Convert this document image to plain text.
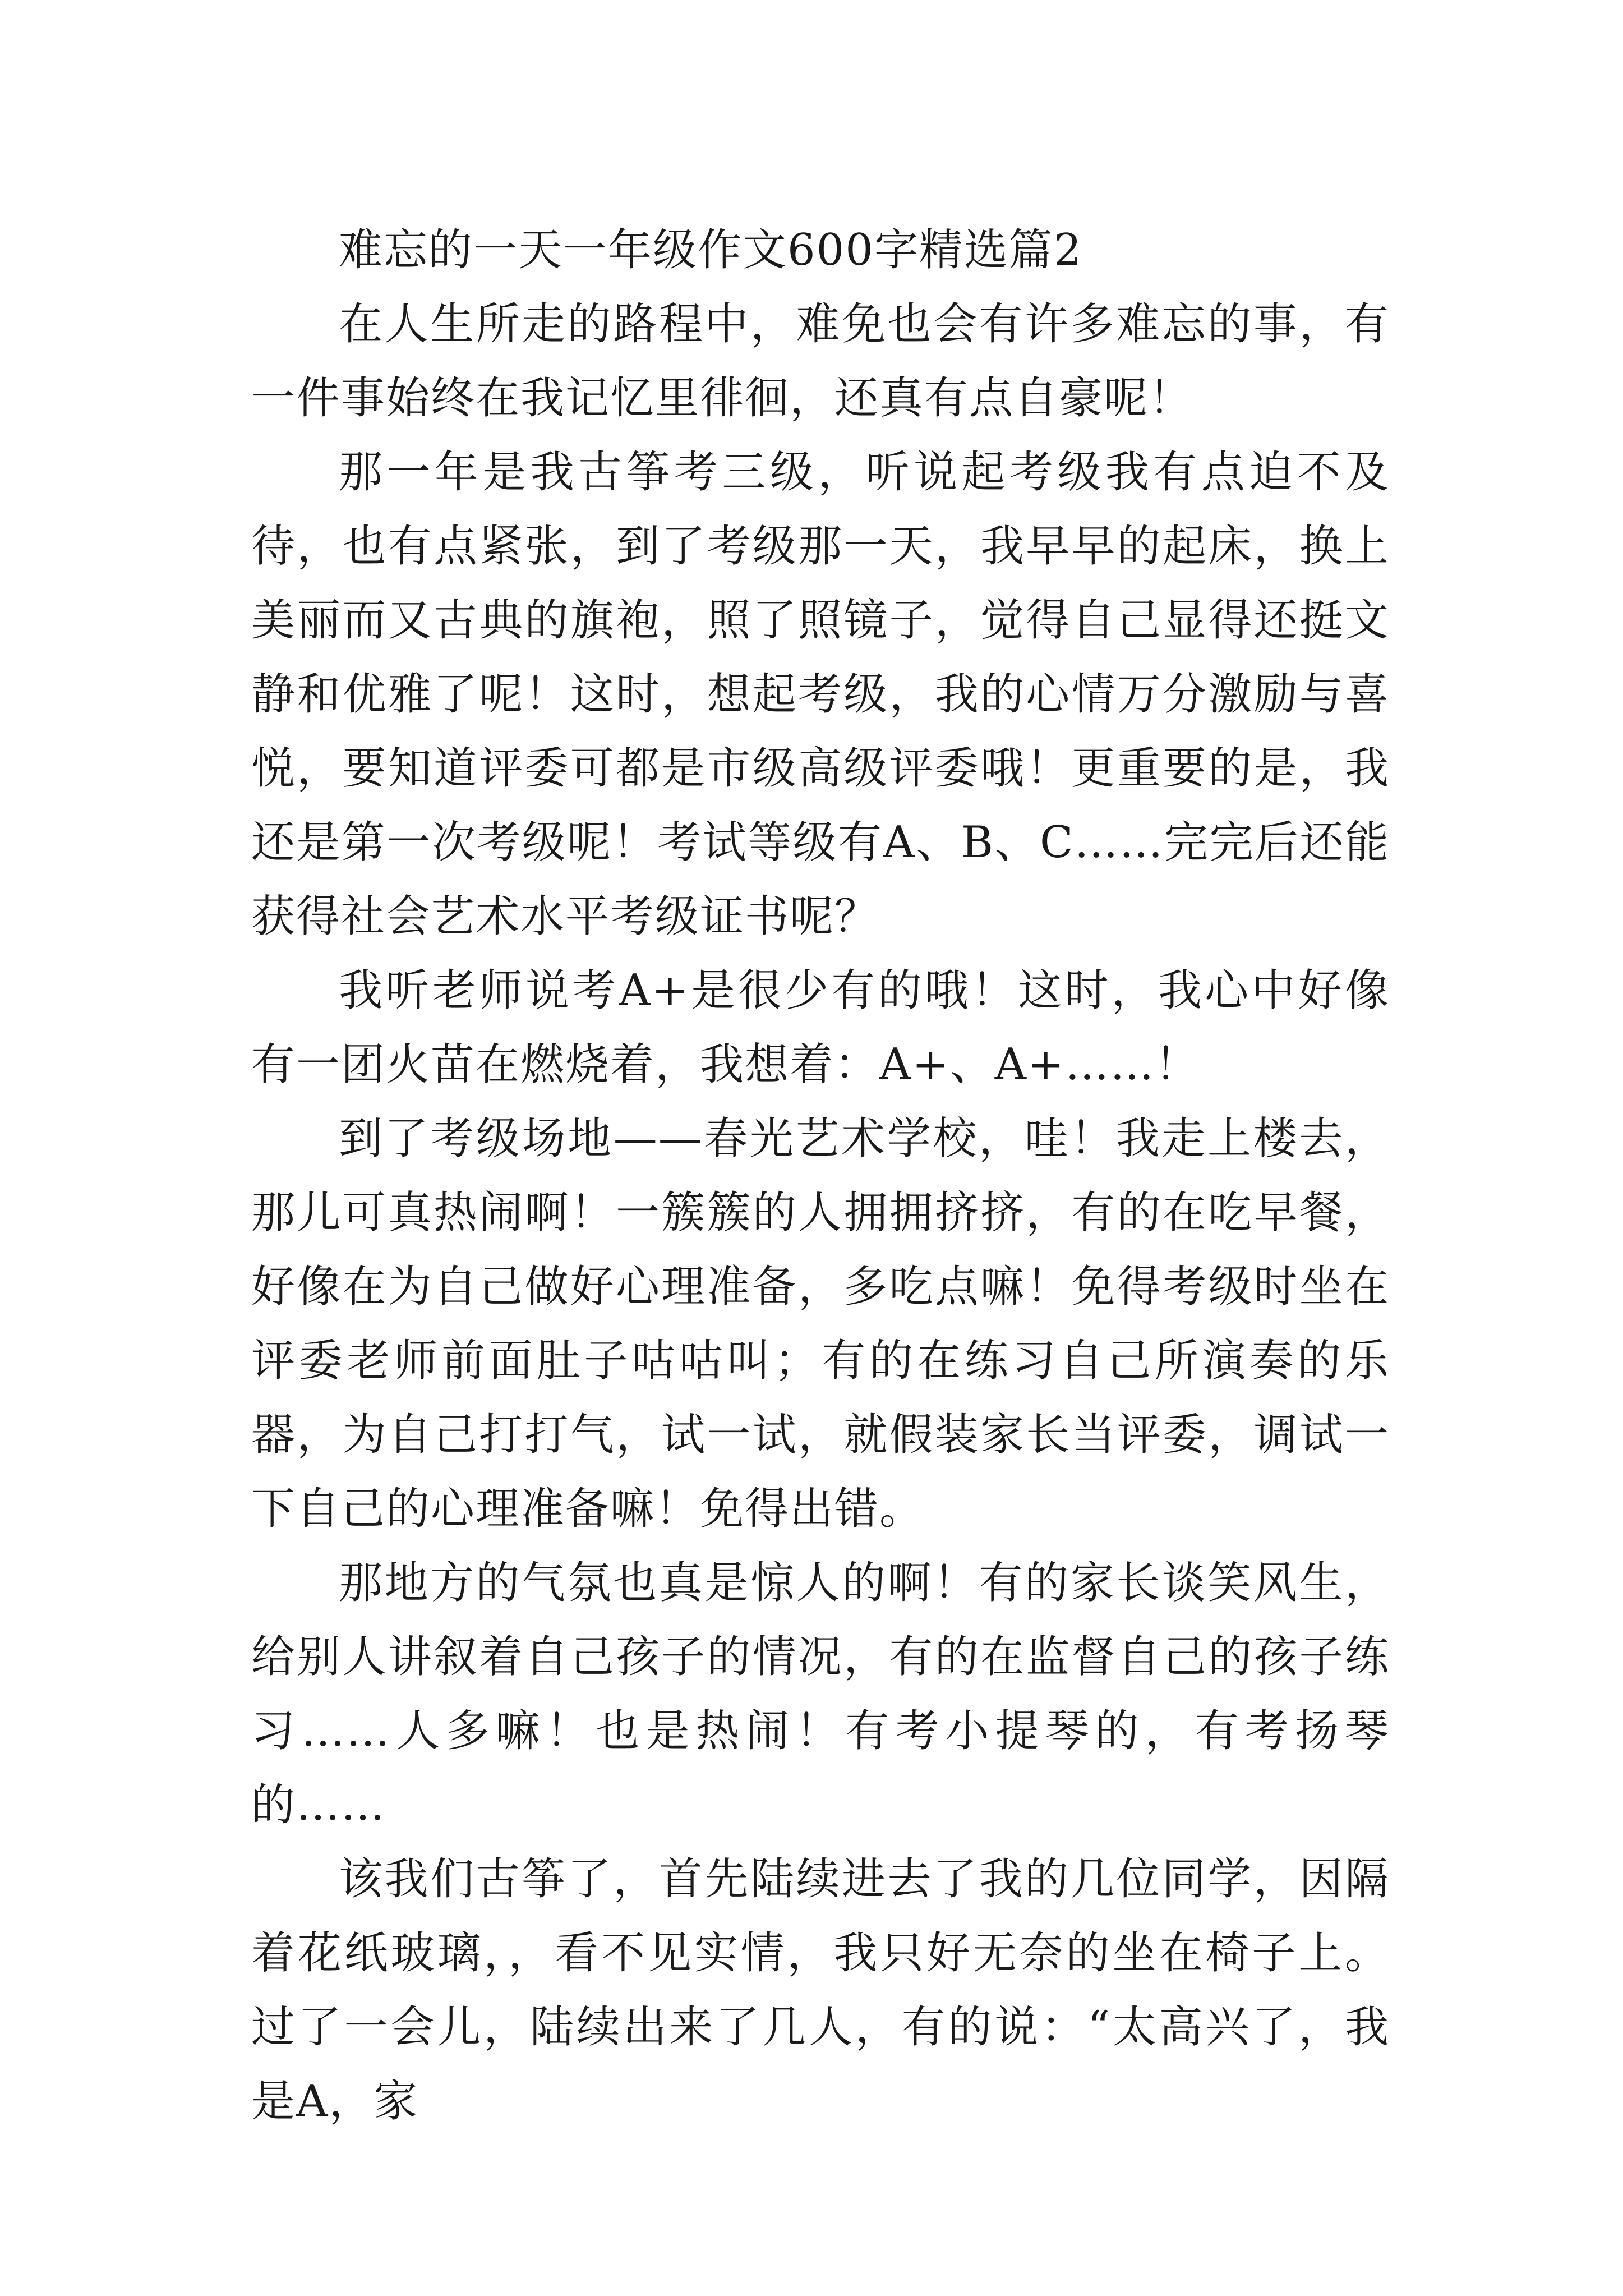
难忘的一天一年级作文600字精选篇2

在人生所走的路程中，难免也会有许多难忘的事，有一件事始终在我记忆里徘徊，还真有点自豪呢！

那一年是我古筝考三级，听说起考级我有点迫不及待，也有点紧张，到了考级那一天，我早早的起床，换上美丽而又古典的旗袍，照了照镜子，觉得自己显得还挺文静和优雅了呢！这时，想起考级，我的心情万分激励与喜悦，要知道评委可都是市级高级评委哦！更重要的是，我还是第一次考级呢！考试等级有A、B、C……完完后还能获得社会艺术水平考级证书呢？

我听老师说考A+是很少有的哦！这时，我心中好像有一团火苗在燃烧着，我想着：A+、A+……！

到了考级场地——春光艺术学校，哇！我走上楼去，那儿可真热闹啊！一簇簇的人拥拥挤挤，有的在吃早餐，好像在为自己做好心理准备，多吃点嘛！免得考级时坐在评委老师前面肚子咕咕叫；有的在练习自己所演奏的乐器，为自己打打气，试一试，就假装家长当评委，调试一下自己的心理准备嘛！免得出错。

那地方的气氛也真是惊人的啊！有的家长谈笑风生，给别人讲叙着自己孩子的情况，有的在监督自己的孩子练习……人多嘛！也是热闹！有考小提琴的，有考扬琴的……

该我们古筝了，首先陆续进去了我的几位同学，因隔着花纸玻璃，，看不见实情，我只好无奈的坐在椅子上。过了一会儿，陆续出来了几人，有的说：“太高兴了，我是A，家
